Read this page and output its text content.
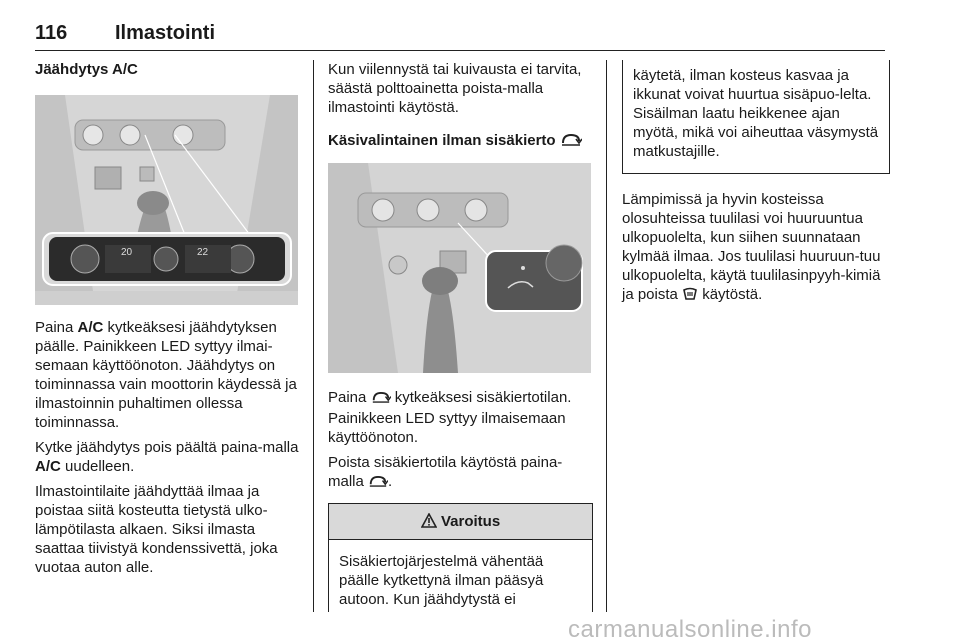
116 Ilmastointi
Jäähdytys A/C
20	22

Paina A/C kytkeäksesi jäähdytyksen päälle. Painikkeen LED syttyy ilmai-semaan käyttöönoton. Jäähdytys on toiminnassa vain moottorin käydessä ja ilmastoinnin puhaltimen ollessa toiminnassa.

Kytke jäähdytys pois päältä paina-malla A/C uudelleen.

Ilmastointilaite jäähdyttää ilmaa ja poistaa siitä kosteutta tietystä ulko-lämpötilasta alkaen. Siksi ilmasta saattaa tiivistyä kondenssivettä, joka vuotaa auton alle.

Kun viilennystä tai kuivausta ei tarvita, säästä polttoainetta poista-malla ilmastointi käytöstä.

Käsivalintainen ilman sisäkierto

Paina  kytkeäksesi sisäkiertotilan. Painikkeen LED syttyy ilmaisemaan käyttöönoton.

Poista sisäkiertotila käytöstä paina-malla .

Varoitus
Sisäkiertojärjestelmä vähentää päälle kytkettynä ilman pääsyä autoon. Kun jäähdytystä ei
käytetä, ilman kosteus kasvaa ja ikkunat voivat huurtua sisäpuo-lelta. Sisäilman laatu heikkenee ajan myötä, mikä voi aiheuttaa väsymystä matkustajille.

Lämpimissä ja hyvin kosteissa olosuhteissa tuulilasi voi huuruuntua ulkopuolelta, kun siihen suunnataan kylmää ilmaa. Jos tuulilasi huuruun-tuu ulkopuolelta, käytä tuulilasinpyyh-kimiä ja poista  käytöstä.

carmanualsonline.info
